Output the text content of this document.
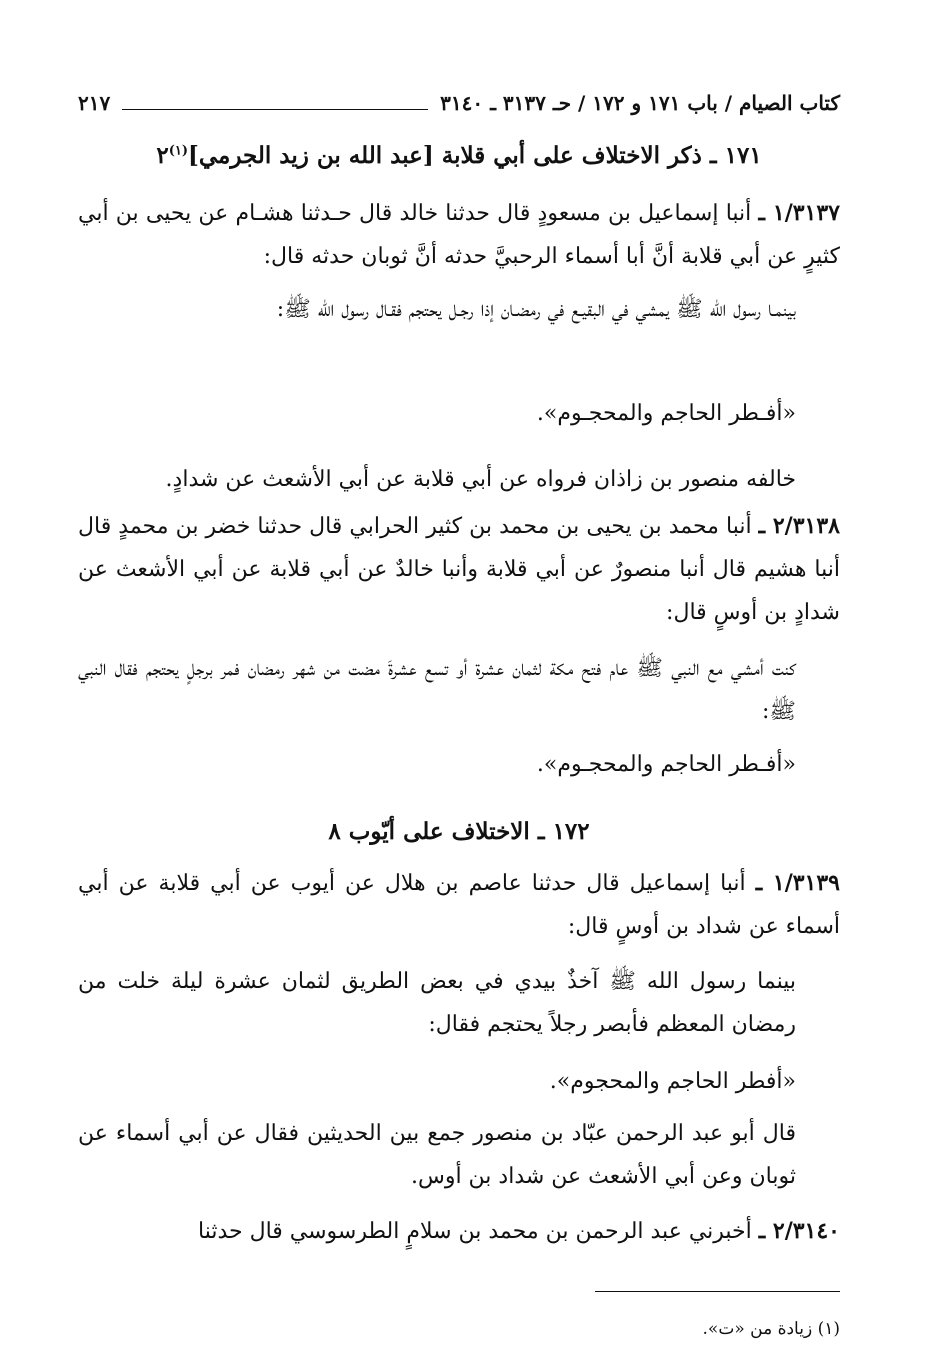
كتاب الصيام / باب ١٧١ و ١٧٢ / حـ ٣١٣٧ ـ ٣١٤٠
٢١٧

١٧١ ـ ذكر الاختلاف على أبي قلابة [عبد الله بن زيد الجرمي]$^{(١)}$٢

١/٣١٣٧ ـ أنبا إسماعيل بن مسعودٍ قال حدثنا خالد قال حـدثنا هشـام عن يحيى بن أبي كثيرٍ عن أبي قلابة أنَّ أبا أسماء الرحبيَّ حدثه أنَّ ثوبان حدثه قال:

بينمـا رسول الله ﷺ يمشي في البقيـع في رمضـان إذا رجـل يحتجم فقـال رسول الله ﷺ:

«أفـطر الحاجم والمحجـوم».

خالفه منصور بن زاذان فرواه عن أبي قلابة عن أبي الأشعث عن شدادٍ.

٢/٣١٣٨ ـ أنبا محمد بن يحيى بن محمد بن كثير الحرابي قال حدثنا خضر بن محمدٍ قال أنبا هشيم قال أنبا منصورٌ عن أبي قلابة وأنبا خالدٌ عن أبي قلابة عن أبي الأشعث عن شدادٍ بن أوسٍ قال:

كنت أمشي مع النبي ﷺ عام فتح مكة لثمان عشرة أو تسع عشرةَ مضت من شهر رمضان فمر برجلٍ يحتجم فقال النبي ﷺ:

«أفـطر الحاجم والمحجـوم».

١٧٢ ـ الاختلاف على أيّوب ٨

١/٣١٣٩ ـ أنبا إسماعيل قال حدثنا عاصم بن هلال عن أيوب عن أبي قلابة عن أبي أسماء عن شداد بن أوسٍ قال:

بينما رسول الله ﷺ آخذٌ بيدي في بعض الطريق لثمان عشرة ليلة خلت من رمضان المعظم فأبصر رجلاً يحتجم فقال:

«أفطر الحاجم والمحجوم».

قال أبو عبد الرحمن عبّاد بن منصور جمع بين الحديثين فقال عن أبي أسماء عن ثوبان وعن أبي الأشعث عن شداد بن أوس.

٢/٣١٤٠ ـ أخبرني عبد الرحمن بن محمد بن سلامٍ الطرسوسي قال حدثنا

(١) زيادة من «ت».
